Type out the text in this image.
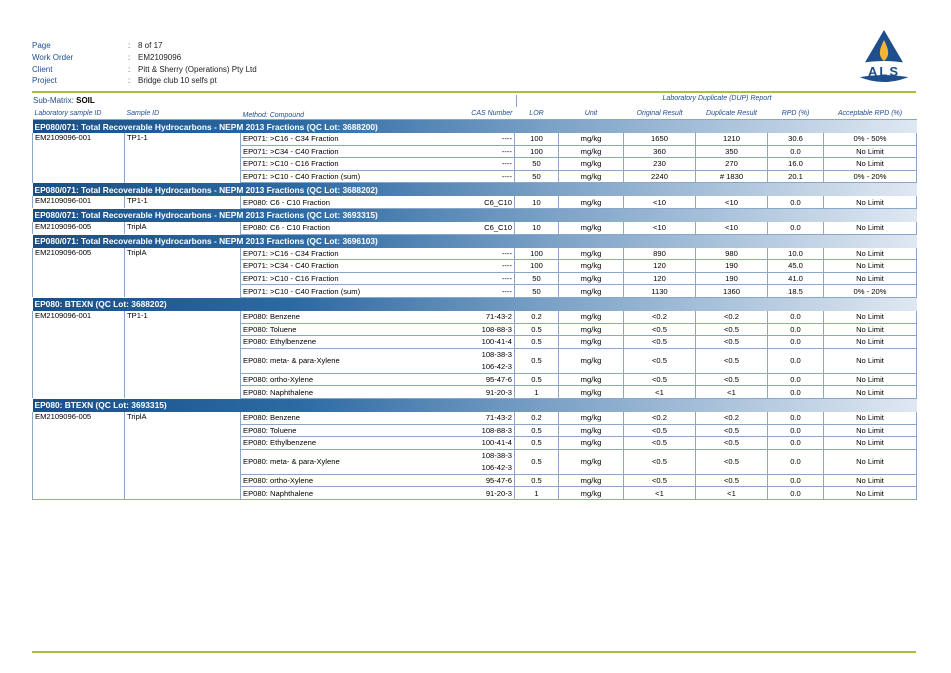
Page	: 8 of 17
Work Order	: EM2109096
Client	: Pitt & Sherry (Operations) Pty Ltd
Project	: Bridge club 10 selfs pt
ALS
Sub-Matrix: SOIL	Laboratory Duplicate (DUP) Report
Laboratory sample ID	Sample ID	Method: Compound	CAS Number	LOR	Unit	Original Result	Duplicate Result	RPD (%)	Acceptable RPD (%)
EP080/071: Total Recoverable Hydrocarbons - NEPM 2013 Fractions (QC Lot: 3688200)									
EM2109096-001	TP1-1	EP071: >C16 - C34 Fraction	----	100	mg/kg	1650	1210	30.6	0% - 50%
		EP071: >C34 - C40 Fraction	----	100	mg/kg	360	350	0.0	No Limit
		EP071: >C10 - C16 Fraction	----	50	mg/kg	230	270	16.0	No Limit
		EP071: >C10 - C40 Fraction (sum)	----	50	mg/kg	2240	# 1830	20.1	0% - 20%
EP080/071: Total Recoverable Hydrocarbons - NEPM 2013 Fractions (QC Lot: 3688202)									
EM2109096-001	TP1-1	EP080: C6 - C10 Fraction	C6_C10	10	mg/kg	<10	<10	0.0	No Limit
EP080/071: Total Recoverable Hydrocarbons - NEPM 2013 Fractions (QC Lot: 3693315)									
EM2109096-005	TriplA	EP080: C6 - C10 Fraction	C6_C10	10	mg/kg	<10	<10	0.0	No Limit
EP080/071: Total Recoverable Hydrocarbons - NEPM 2013 Fractions (QC Lot: 3696103)									
EM2109096-005	TriplA	EP071: >C16 - C34 Fraction	----	100	mg/kg	890	980	10.0	No Limit
		EP071: >C34 - C40 Fraction	----	100	mg/kg	120	190	45.0	No Limit
		EP071: >C10 - C16 Fraction	----	50	mg/kg	120	190	41.0	No Limit
		EP071: >C10 - C40 Fraction (sum)	----	50	mg/kg	1130	1360	18.5	0% - 20%
EP080: BTEXN (QC Lot: 3688202)									
EM2109096-001	TP1-1	EP080: Benzene	71-43-2	0.2	mg/kg	<0.2	<0.2	0.0	No Limit
		EP080: Toluene	108-88-3	0.5	mg/kg	<0.5	<0.5	0.0	No Limit
		EP080: Ethylbenzene	100-41-4	0.5	mg/kg	<0.5	<0.5	0.0	No Limit
		EP080: meta- & para-Xylene	108-38-3
106-42-3	0.5	mg/kg	<0.5	<0.5	0.0	No Limit
		EP080: ortho-Xylene	95-47-6	0.5	mg/kg	<0.5	<0.5	0.0	No Limit
		EP080: Naphthalene	91-20-3	1	mg/kg	<1	<1	0.0	No Limit
EP080: BTEXN (QC Lot: 3693315)									
EM2109096-005	TriplA	EP080: Benzene	71-43-2	0.2	mg/kg	<0.2	<0.2	0.0	No Limit
		EP080: Toluene	108-88-3	0.5	mg/kg	<0.5	<0.5	0.0	No Limit
		EP080: Ethylbenzene	100-41-4	0.5	mg/kg	<0.5	<0.5	0.0	No Limit
		EP080: meta- & para-Xylene	108-38-3
106-42-3	0.5	mg/kg	<0.5	<0.5	0.0	No Limit
		EP080: ortho-Xylene	95-47-6	0.5	mg/kg	<0.5	<0.5	0.0	No Limit
		EP080: Naphthalene	91-20-3	1	mg/kg	<1	<1	0.0	No Limit
